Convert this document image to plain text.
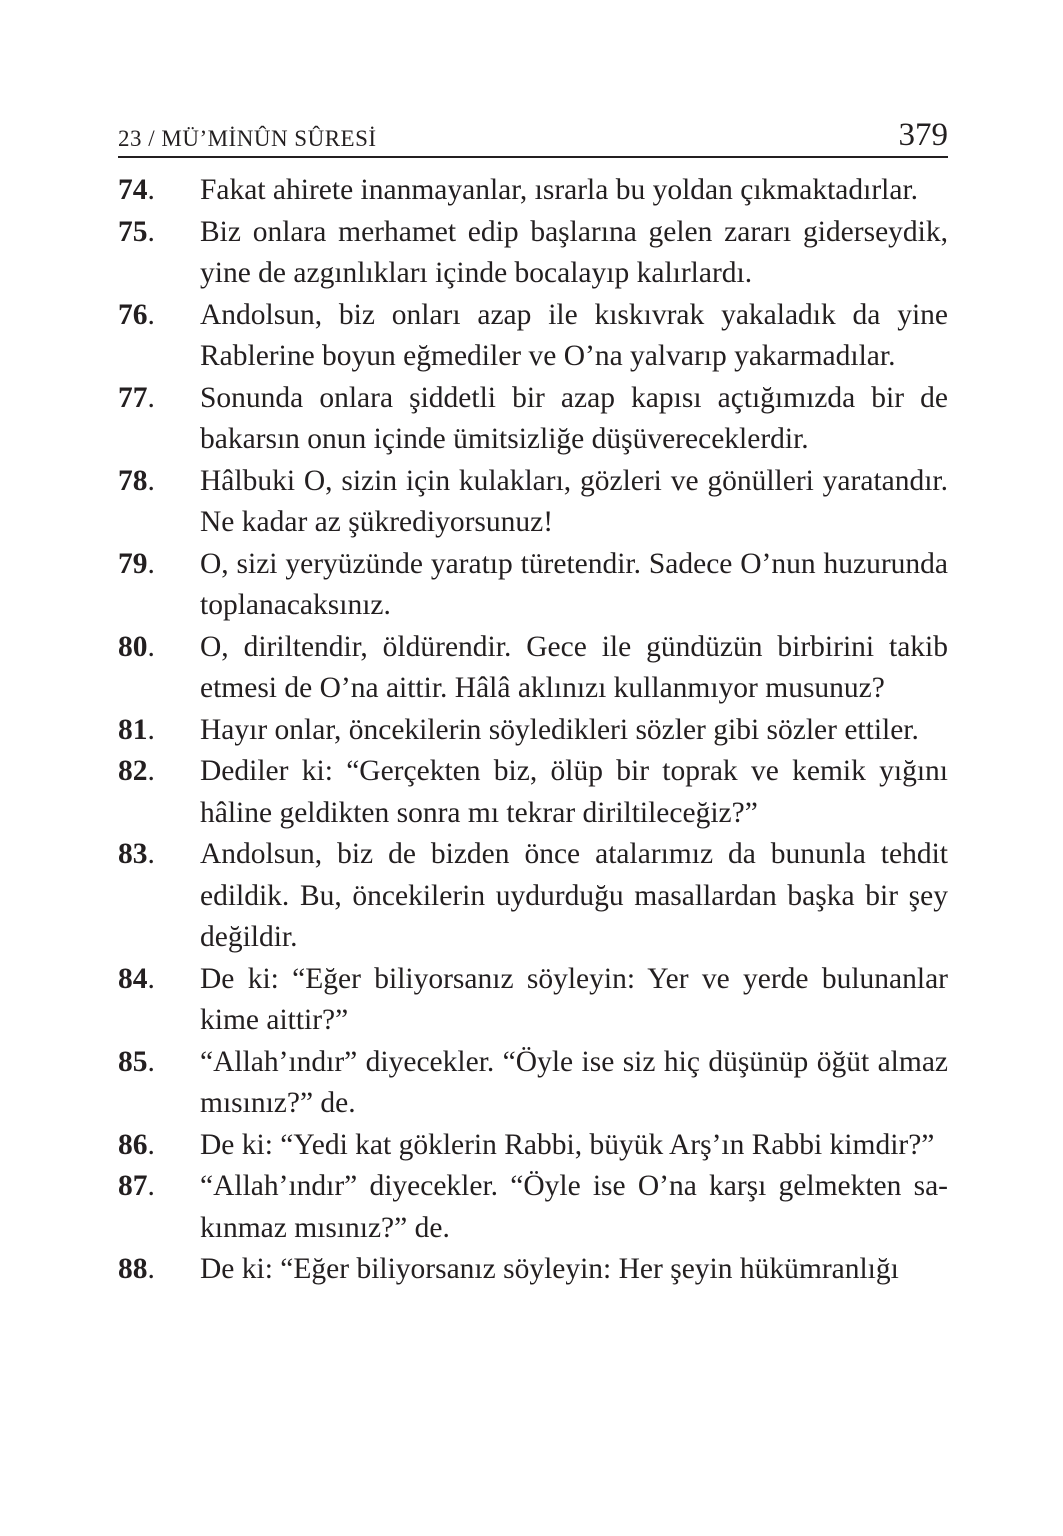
23 / MÜ’MİNÛN SÛRESİ	379
74.	Fakat ahirete inanmayanlar, ısrarla bu yoldan çıkmaktadırlar.
75.	Biz onlara merhamet edip başlarına gelen zararı giderseydik, yine de azgınlıkları içinde bocalayıp kalırlardı.
76.	Andolsun, biz onları azap ile kıskıvrak yakaladık da yine Rablerine boyun eğmediler ve O’na yalvarıp yakarmadılar.
77.	Sonunda onlara şiddetli bir azap kapısı açtığımızda bir de bakarsın onun içinde ümitsizliğe düşüvereceklerdir.
78.	Hâlbuki O, sizin için kulakları, gözleri ve gönülleri yaratandır. Ne kadar az şükrediyorsunuz!
79.	O, sizi yeryüzünde yaratıp türetendir. Sadece O’nun huzurunda toplanacaksınız.
80.	O, diriltendir, öldürendir. Gece ile gündüzün birbirini takib etmesi de O’na aittir. Hâlâ aklınızı kullanmıyor musunuz?
81.	Hayır onlar, öncekilerin söyledikleri sözler gibi sözler ettiler.
82.	Dediler ki: “Gerçekten biz, ölüp bir toprak ve kemik yığını hâline geldikten sonra mı tekrar diriltileceğiz?”
83.	Andolsun, biz de bizden önce atalarımız da bununla tehdit edildik. Bu, öncekilerin uydurduğu masallardan başka bir şey değildir.
84.	De ki: “Eğer biliyorsanız söyleyin: Yer ve yerde bulunanlar kime aittir?”
85.	“Allah’ındır” diyecekler. “Öyle ise siz hiç düşünüp öğüt almaz mısınız?” de.
86.	De ki: “Yedi kat göklerin Rabbi, büyük Arş’ın Rabbi kimdir?”
87.	“Allah’ındır” diyecekler. “Öyle ise O’na karşı gelmekten sakınmaz mısınız?” de.
88.	De ki: “Eğer biliyorsanız söyleyin: Her şeyin hükümranlığı
